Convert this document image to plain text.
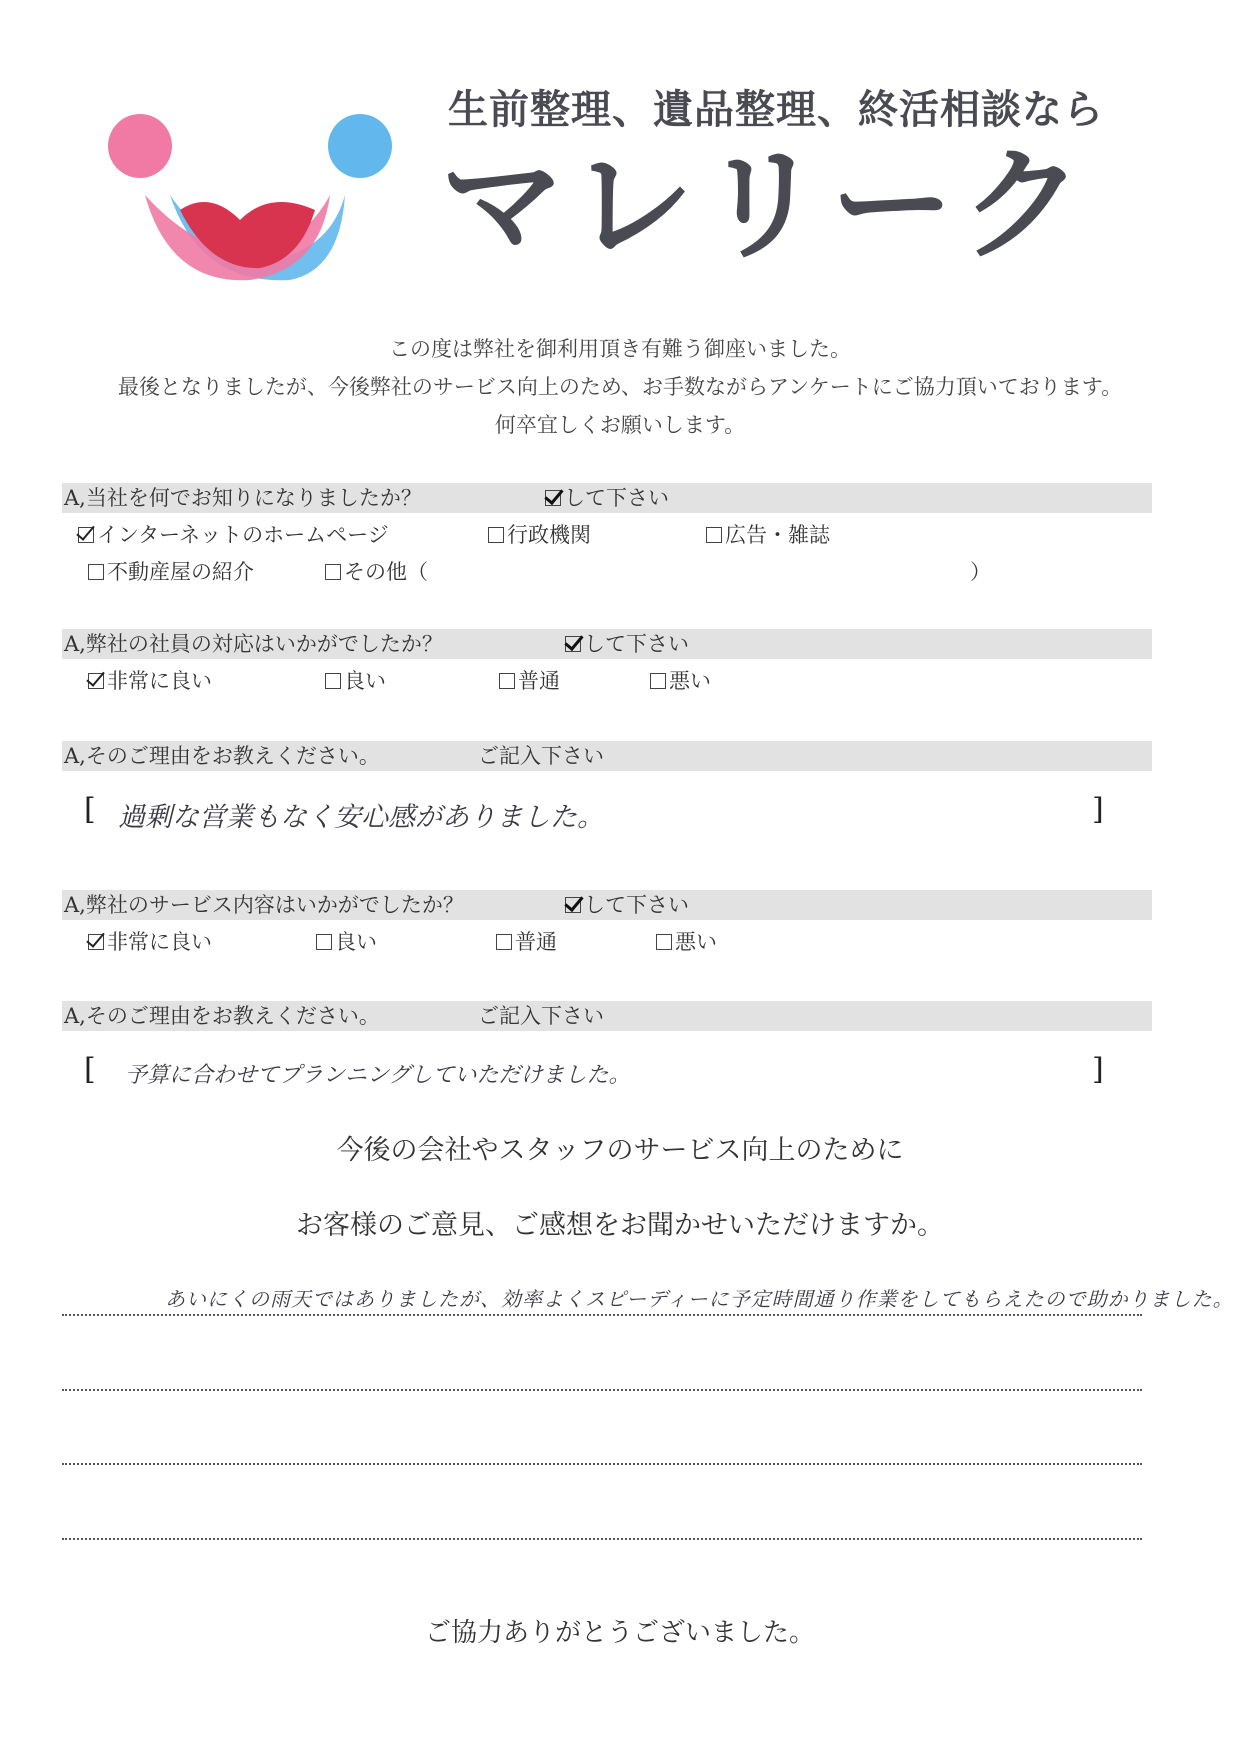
生前整理、遺品整理、終活相談なら
マレリーク
この度は弊社を御利用頂き有難う御座いました。
最後となりましたが、今後弊社のサービス向上のため、お手数ながらアンケートにご協力頂いております。
何卒宜しくお願いします。
A,当社を何でお知りになりましたか？	して下さい
インターネットのホームページ	行政機関	広告・雑誌
不動産屋の紹介	その他（	）
A,弊社の社員の対応はいかがでしたか？	して下さい
非常に良い	良い	普通	悪い
A,そのご理由をお教えください。	ご記入下さい
[ 過剰な営業もなく安心感がありました。	]
A,弊社のサービス内容はいかがでしたか？	して下さい
非常に良い	良い	普通	悪い
A,そのご理由をお教えください。	ご記入下さい
[ 予算に合わせてプランニングしていただけました。	]
今後の会社やスタッフのサービス向上のために
お客様のご意見、ご感想をお聞かせいただけますか。
あいにくの雨天ではありましたが、効率よくスピーディーに予定時間通り作業をしてもらえたので助かりました。
ご協力ありがとうございました。
